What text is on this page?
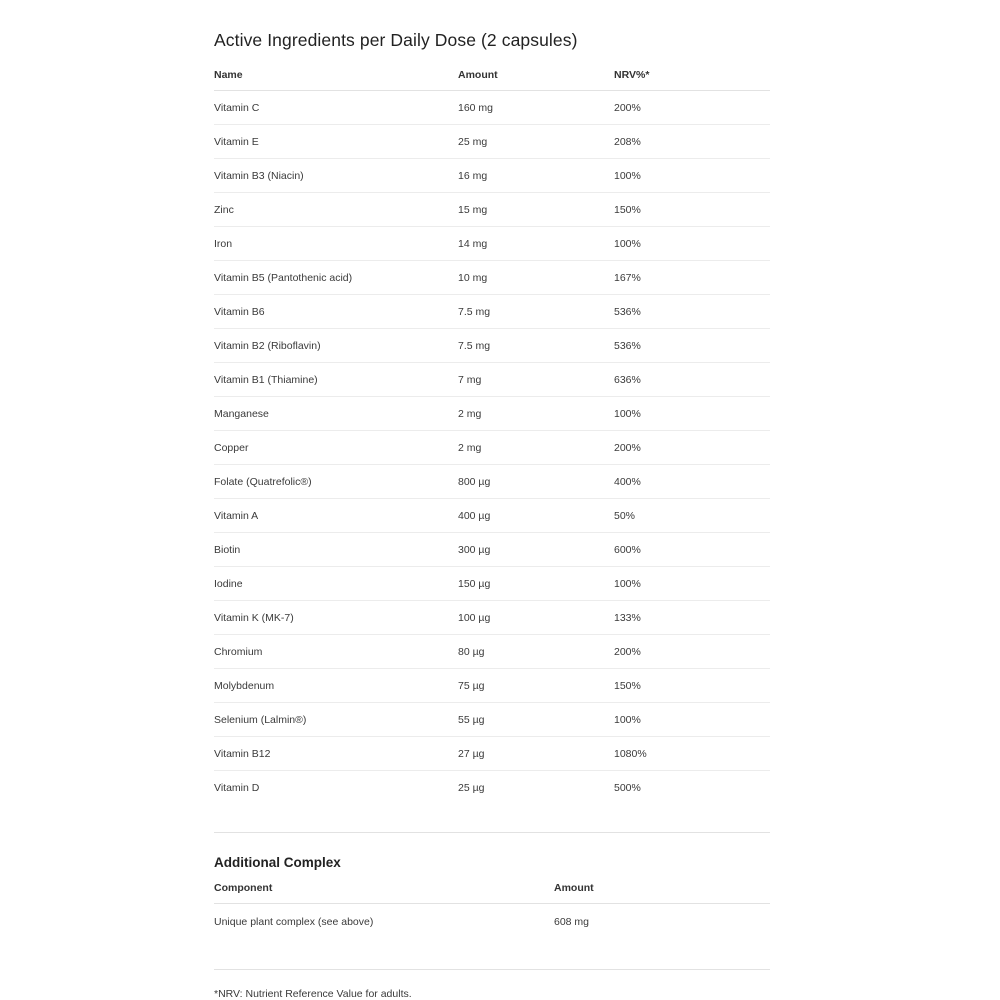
Active Ingredients per Daily Dose (2 capsules)
Name	Amount	NRV%*
Vitamin C	160 mg	200%
Vitamin E	25 mg	208%
Vitamin B3 (Niacin)	16 mg	100%
Zinc	15 mg	150%
Iron	14 mg	100%
Vitamin B5 (Pantothenic acid)	10 mg	167%
Vitamin B6	7.5 mg	536%
Vitamin B2 (Riboflavin)	7.5 mg	536%
Vitamin B1 (Thiamine)	7 mg	636%
Manganese	2 mg	100%
Copper	2 mg	200%
Folate (Quatrefolic®)	800 µg	400%
Vitamin A	400 µg	50%
Biotin	300 µg	600%
Iodine	150 µg	100%
Vitamin K (MK-7)	100 µg	133%
Chromium	80 µg	200%
Molybdenum	75 µg	150%
Selenium (Lalmin®)	55 µg	100%
Vitamin B12	27 µg	1080%
Vitamin D	25 µg	500%
Additional Complex
Component	Amount
Unique plant complex (see above)	608 mg
*NRV: Nutrient Reference Value for adults.
